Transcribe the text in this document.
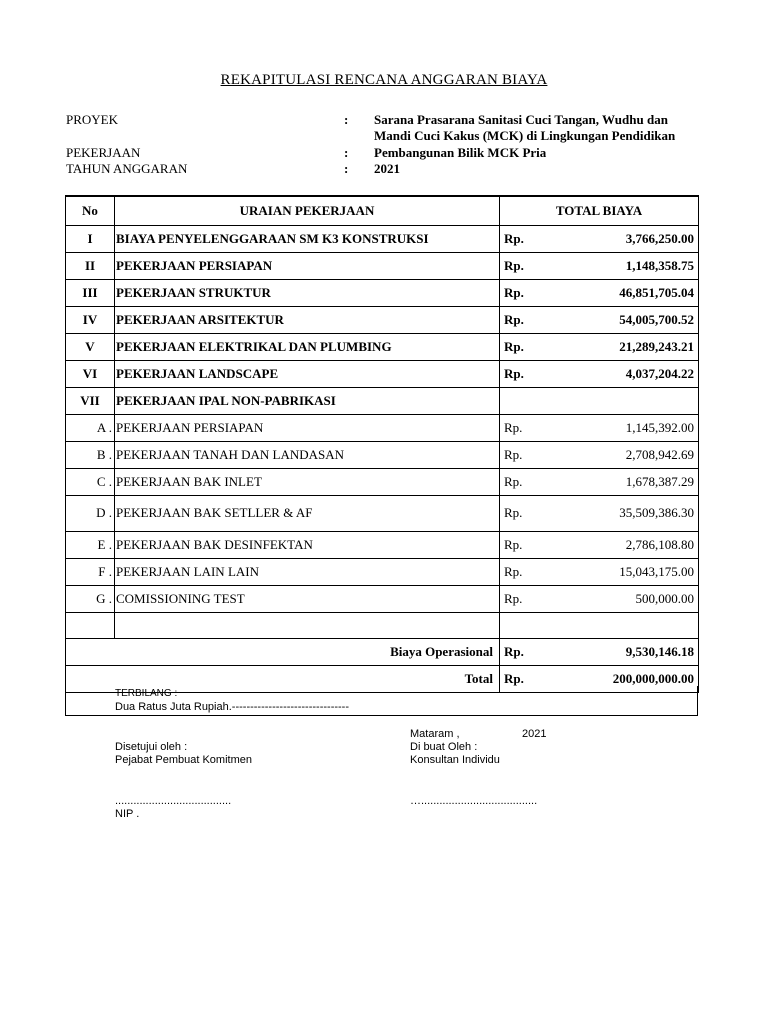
REKAPITULASI RENCANA ANGGARAN BIAYA
PROYEK	: Sarana Prasarana Sanitasi Cuci Tangan, Wudhu dan Mandi Cuci Kakus (MCK) di Lingkungan Pendidikan
PEKERJAAN	: Pembangunan Bilik MCK Pria
TAHUN ANGGARAN	: 2021
No	URAIAN PEKERJAAN	TOTAL BIAYA	
I	BIAYA PENYELENGGARAAN SM K3 KONSTRUKSI	Rp.	3,766,250.00
II	PEKERJAAN PERSIAPAN	Rp.	1,148,358.75
III	PEKERJAAN STRUKTUR	Rp.	46,851,705.04
IV	PEKERJAAN ARSITEKTUR	Rp.	54,005,700.52
V	PEKERJAAN ELEKTRIKAL DAN PLUMBING	Rp.	21,289,243.21
VI	PEKERJAAN LANDSCAPE	Rp.	4,037,204.22
VII	PEKERJAAN IPAL NON-PABRIKASI		
A .	PEKERJAAN PERSIAPAN	Rp.	1,145,392.00
B .	PEKERJAAN TANAH DAN LANDASAN	Rp.	2,708,942.69
C .	PEKERJAAN BAK INLET	Rp.	1,678,387.29
D .	PEKERJAAN BAK SETLLER & AF	Rp.	35,509,386.30
E .	PEKERJAAN BAK DESINFEKTAN	Rp.	2,786,108.80
F .	PEKERJAAN LAIN LAIN	Rp.	15,043,175.00
G .	COMISSIONING TEST	Rp.	500,000.00

Biaya Operasional		Rp.	9,530,146.18
Total		Rp.	200,000,000.00
TERBILANG :
Dua Ratus Juta Rupiah.--------------------------------
Mataram ,	2021
Disetujui oleh :
Pejabat Pembuat Komitmen
Di buat Oleh :
Konsultan Individu
......................................	…......................................
NIP .
